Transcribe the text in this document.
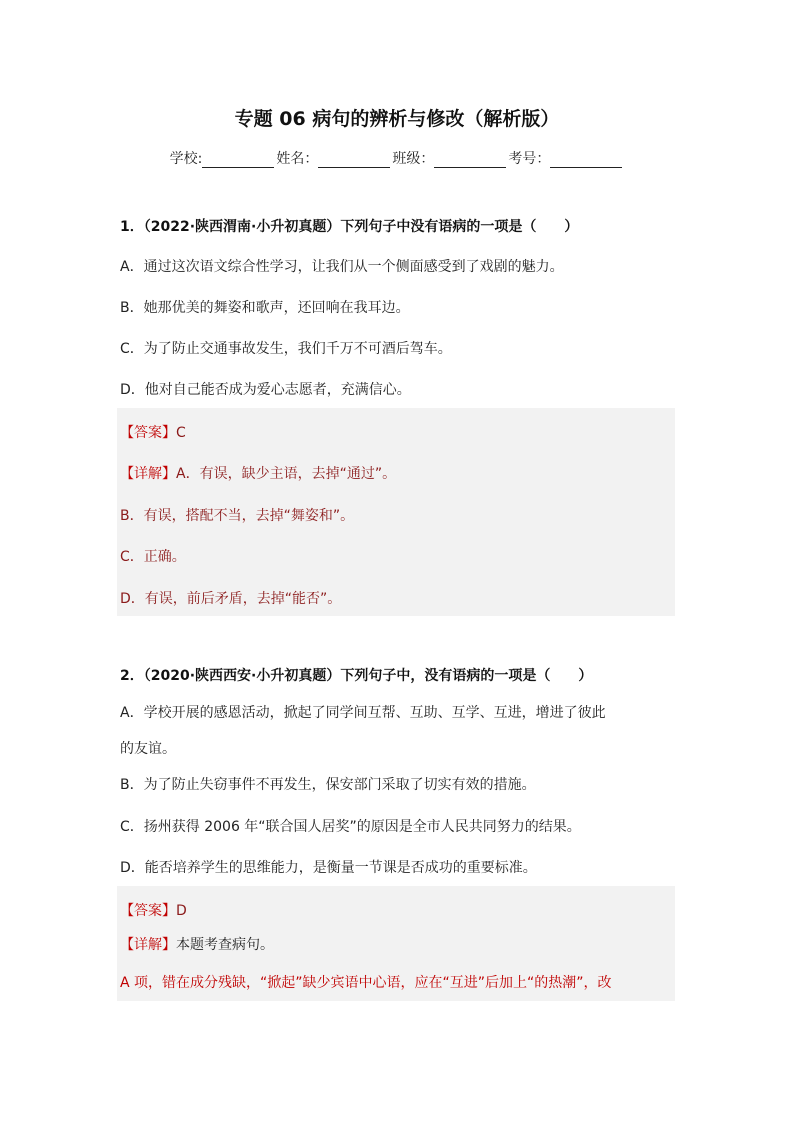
专题 06 病句的辨析与修改（解析版）
学校:	姓名：	班级：	考号：
1．（2022·陕西渭南·小升初真题）下列句子中没有语病的一项是（　　）
A．通过这次语文综合性学习，让我们从一个侧面感受到了戏剧的魅力。
B．她那优美的舞姿和歌声，还回响在我耳边。
C．为了防止交通事故发生，我们千万不可酒后驾车。
D．他对自己能否成为爱心志愿者，充满信心。
【答案】C
【详解】A．有误，缺少主语，去掉“通过”。
B．有误，搭配不当，去掉“舞姿和”。
C．正确。
D．有误，前后矛盾，去掉“能否”。
2．（2020·陕西西安·小升初真题）下列句子中，没有语病的一项是（　　）
A．学校开展的感恩活动，掀起了同学间互帮、互助、互学、互进，增进了彼此
的友谊。
B．为了防止失窃事件不再发生，保安部门采取了切实有效的措施。
C．扬州获得 2006 年“联合国人居奖”的原因是全市人民共同努力的结果。
D．能否培养学生的思维能力，是衡量一节课是否成功的重要标准。
【答案】D
【详解】本题考查病句。
A 项，错在成分残缺，“掀起”缺少宾语中心语，应在“互进”后加上“的热潮”，改
